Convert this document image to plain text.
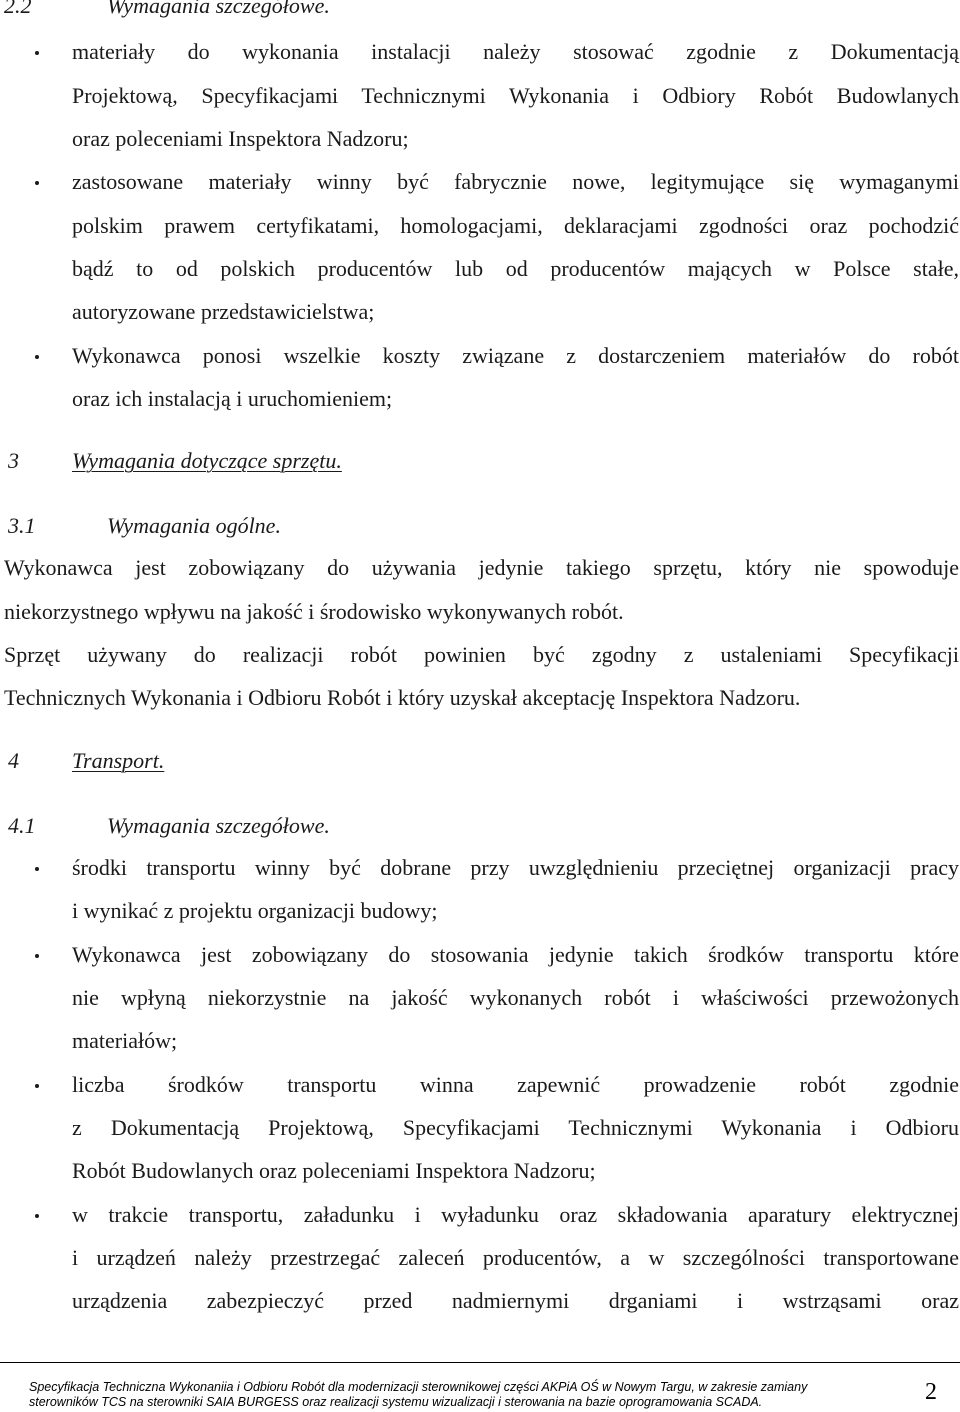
2.2	Wymagania szczegółowe.
materiały do wykonania instalacji należy stosować zgodnie z Dokumentacją
Projektową, Specyfikacjami Technicznymi Wykonania i Odbiory Robót Budowlanych
oraz poleceniami Inspektora Nadzoru;
zastosowane materiały winny być fabrycznie nowe, legitymujące się wymaganymi
polskim prawem certyfikatami, homologacjami, deklaracjami zgodności oraz pochodzić
bądź to od polskich producentów lub od producentów mających w Polsce stałe,
autoryzowane przedstawicielstwa;
Wykonawca ponosi wszelkie koszty związane z dostarczeniem materiałów do robót
oraz ich instalacją i uruchomieniem;
3 Wymagania dotyczące sprzętu.
3.1	Wymagania ogólne.
Wykonawca jest zobowiązany do używania jedynie takiego sprzętu, który nie spowoduje
niekorzystnego wpływu na jakość i środowisko wykonywanych robót.
Sprzęt używany do realizacji robót powinien być zgodny z ustaleniami Specyfikacji
Technicznych Wykonania i Odbioru Robót i który uzyskał akceptację Inspektora Nadzoru.
4 Transport.
4.1	Wymagania szczegółowe.
środki transportu winny być dobrane przy uwzględnieniu przeciętnej organizacji pracy
i wynikać z projektu organizacji budowy;
Wykonawca jest zobowiązany do stosowania jedynie takich środków transportu które
nie wpłyną niekorzystnie na jakość wykonanych robót i właściwości przewożonych
materiałów;
liczba środków transportu winna zapewnić prowadzenie robót zgodnie
z Dokumentacją Projektową, Specyfikacjami Technicznymi Wykonania i Odbioru
Robót Budowlanych oraz poleceniami Inspektora Nadzoru;
w trakcie transportu, załadunku i wyładunku oraz składowania aparatury elektrycznej
i urządzeń należy przestrzegać zaleceń producentów, a w szczególności transportowane
urządzenia zabezpieczyć przed nadmiernymi drganiami i wstrząsami oraz
Specyfikacja Techniczna Wykonaniia i Odbioru Robót dla modernizacji sterownikowej części AKPiA OŚ w Nowym Targu, w zakresie zamiany
sterowników TCS na sterowniki SAIA BURGESS oraz realizacji systemu wizualizacji i sterowania na bazie oprogramowania SCADA.	2
